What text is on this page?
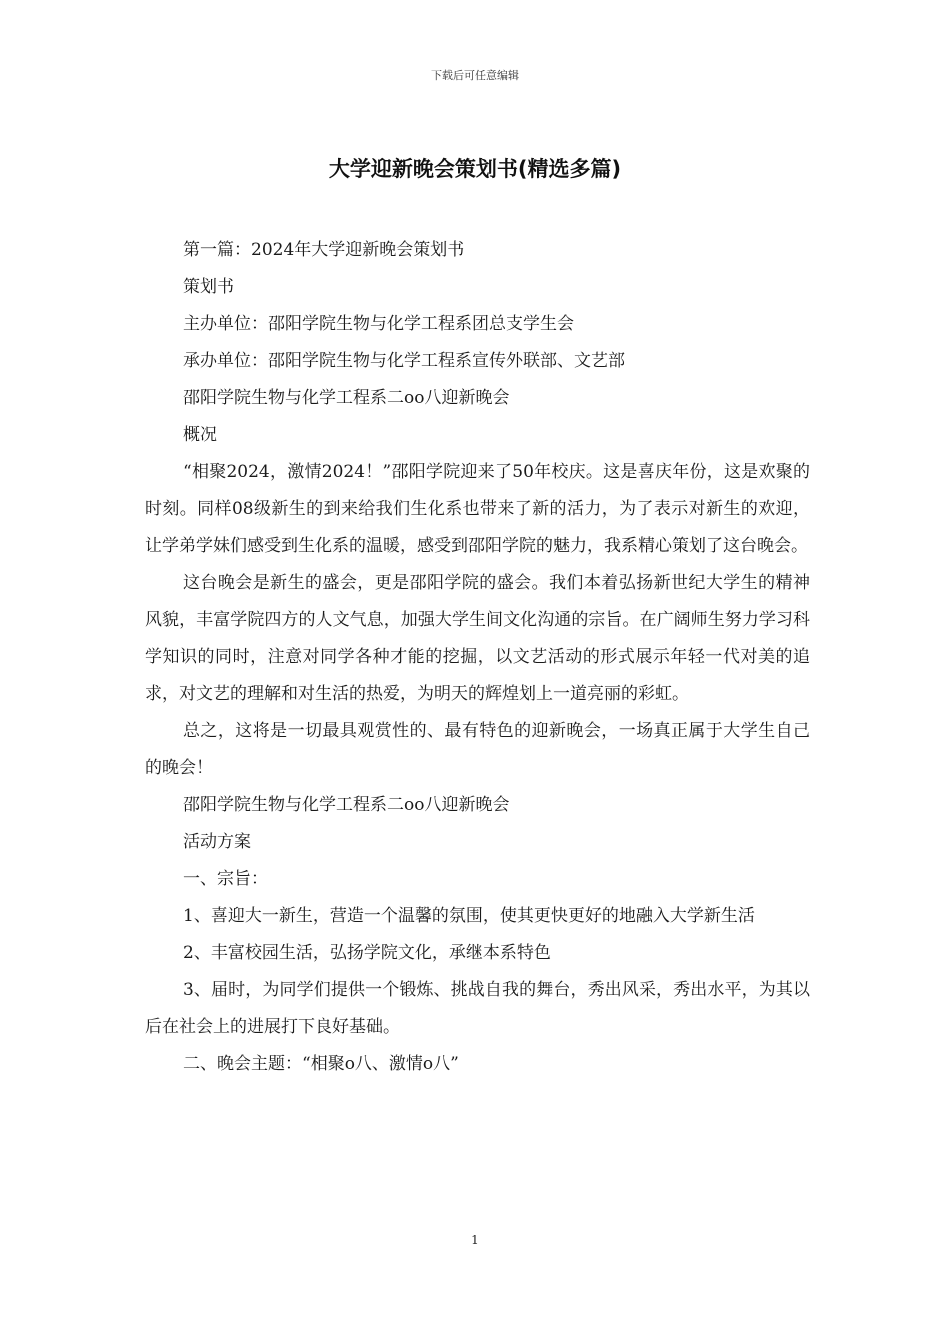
下载后可任意编辑
大学迎新晚会策划书(精选多篇)

第一篇：2024年大学迎新晚会策划书

策划书

主办单位：邵阳学院生物与化学工程系团总支学生会

承办单位：邵阳学院生物与化学工程系宣传外联部、文艺部

邵阳学院生物与化学工程系二oo八迎新晚会

概况

“相聚2024，激情2024！”邵阳学院迎来了50年校庆。这是喜庆年份，这是欢聚的时刻。同样08级新生的到来给我们生化系也带来了新的活力，为了表示对新生的欢迎，让学弟学妹们感受到生化系的温暖，感受到邵阳学院的魅力，我系精心策划了这台晚会。

这台晚会是新生的盛会，更是邵阳学院的盛会。我们本着弘扬新世纪大学生的精神风貌，丰富学院四方的人文气息，加强大学生间文化沟通的宗旨。在广阔师生努力学习科学知识的同时，注意对同学各种才能的挖掘，以文艺活动的形式展示年轻一代对美的追求，对文艺的理解和对生活的热爱，为明天的辉煌划上一道亮丽的彩虹。

总之，这将是一切最具观赏性的、最有特色的迎新晚会，一场真正属于大学生自己的晚会！

邵阳学院生物与化学工程系二oo八迎新晚会

活动方案

一、宗旨：

1、喜迎大一新生，营造一个温馨的氛围，使其更快更好的地融入大学新生活

2、丰富校园生活，弘扬学院文化，承继本系特色

3、届时，为同学们提供一个锻炼、挑战自我的舞台，秀出风采，秀出水平，为其以后在社会上的进展打下良好基础。

二、晚会主题：“相聚o八、激情o八”

1
